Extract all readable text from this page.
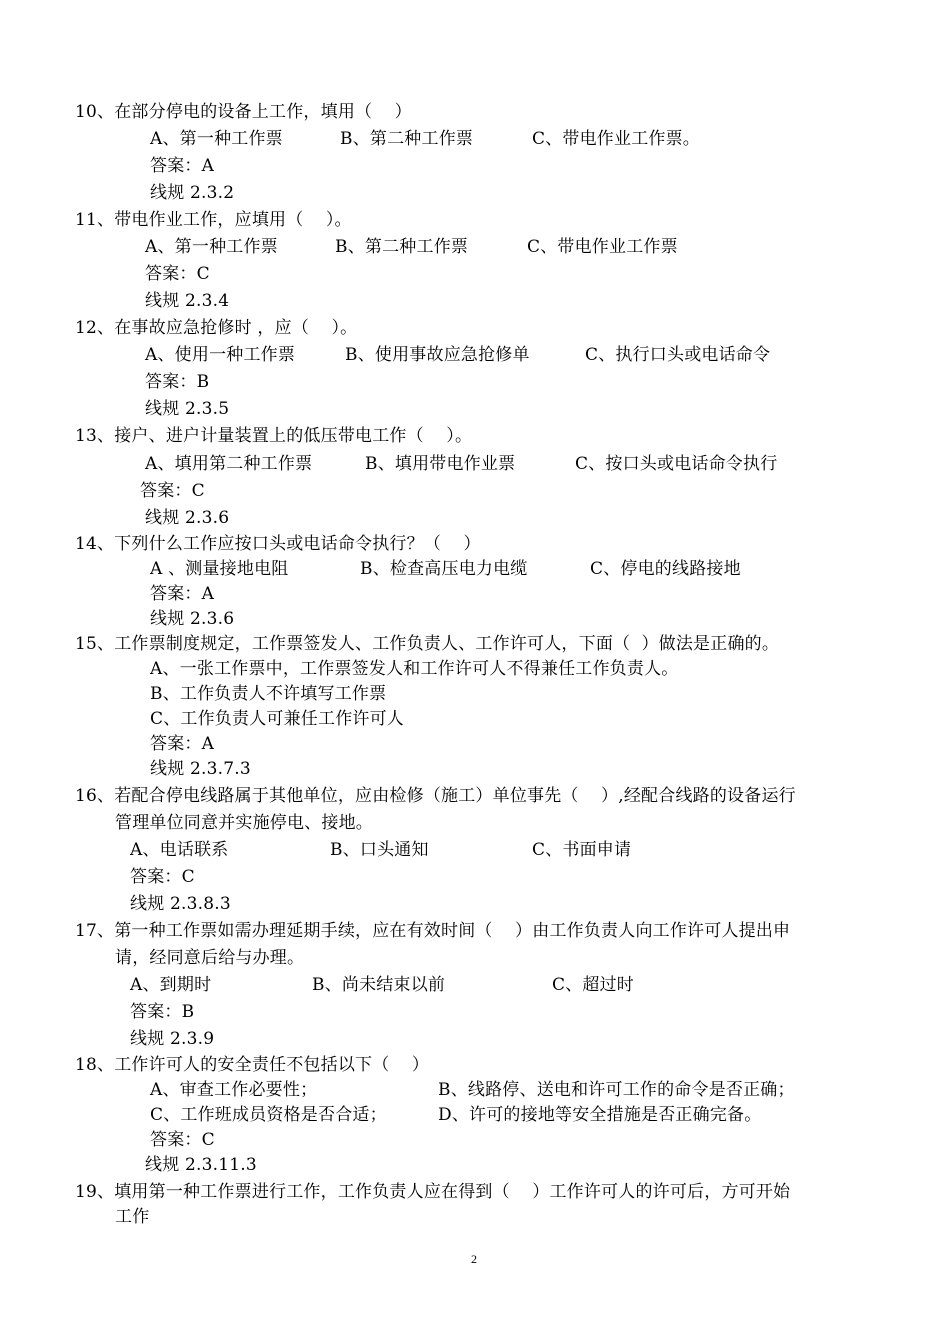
10、在部分停电的设备上工作，填用（    ）
A、第一种工作票	B、第二种工作票	C、带电作业工作票。
答案：A
线规 2.3.2
11、带电作业工作，应填用（    ）。
A、第一种工作票	B、第二种工作票	C、带电作业工作票
答案：C
线规 2.3.4
12、在事故应急抢修时 ，应（    ）。
A、使用一种工作票	B、使用事故应急抢修单	C、执行口头或电话命令
答案：B
线规 2.3.5
13、接户、进户计量装置上的低压带电工作（    ）。
A、填用第二种工作票	B、填用带电作业票	C、按口头或电话命令执行
答案：C
线规 2.3.6
14、下列什么工作应按口头或电话命令执行？（    ）
A 、测量接地电阻	B、检查高压电力电缆	C、停电的线路接地
答案：A
线规 2.3.6
15、工作票制度规定，工作票签发人、工作负责人、工作许可人，下面（  ）做法是正确的。
A、一张工作票中，工作票签发人和工作许可人不得兼任工作负责人。
B、工作负责人不许填写工作票
C、工作负责人可兼任工作许可人
答案：A
线规 2.3.7.3
16、若配合停电线路属于其他单位，应由检修（施工）单位事先（    ）,经配合线路的设备运行
管理单位同意并实施停电、接地。
A、电话联系	B、口头通知	C、书面申请
答案：C
线规 2.3.8.3
17、第一种工作票如需办理延期手续，应在有效时间（    ）由工作负责人向工作许可人提出申
请，经同意后给与办理。
A、到期时	B、尚未结束以前	C、超过时
答案：B
线规 2.3.9
18、工作许可人的安全责任不包括以下（    ）
A、审查工作必要性；	B、线路停、送电和许可工作的命令是否正确；
C、工作班成员资格是否合适；	D、许可的接地等安全措施是否正确完备。
答案：C
线规 2.3.11.3
19、填用第一种工作票进行工作，工作负责人应在得到（    ）工作许可人的许可后，方可开始
工作
2
